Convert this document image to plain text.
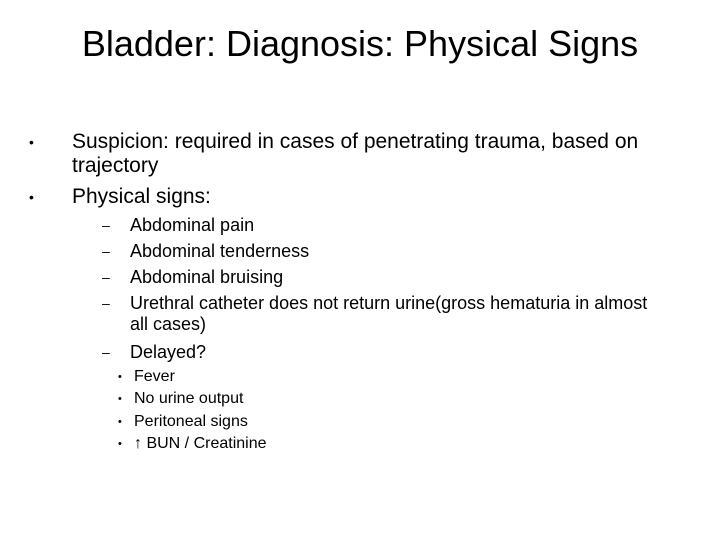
Bladder: Diagnosis: Physical Signs
• Suspicion: required in cases of penetrating trauma, based on trajectory
• Physical signs:
– Abdominal pain
– Abdominal tenderness
– Abdominal bruising
– Urethral catheter does not return urine(gross hematuria in almost all cases)
– Delayed?
• Fever
• No urine output
• Peritoneal signs
• ↑ BUN / Creatinine
